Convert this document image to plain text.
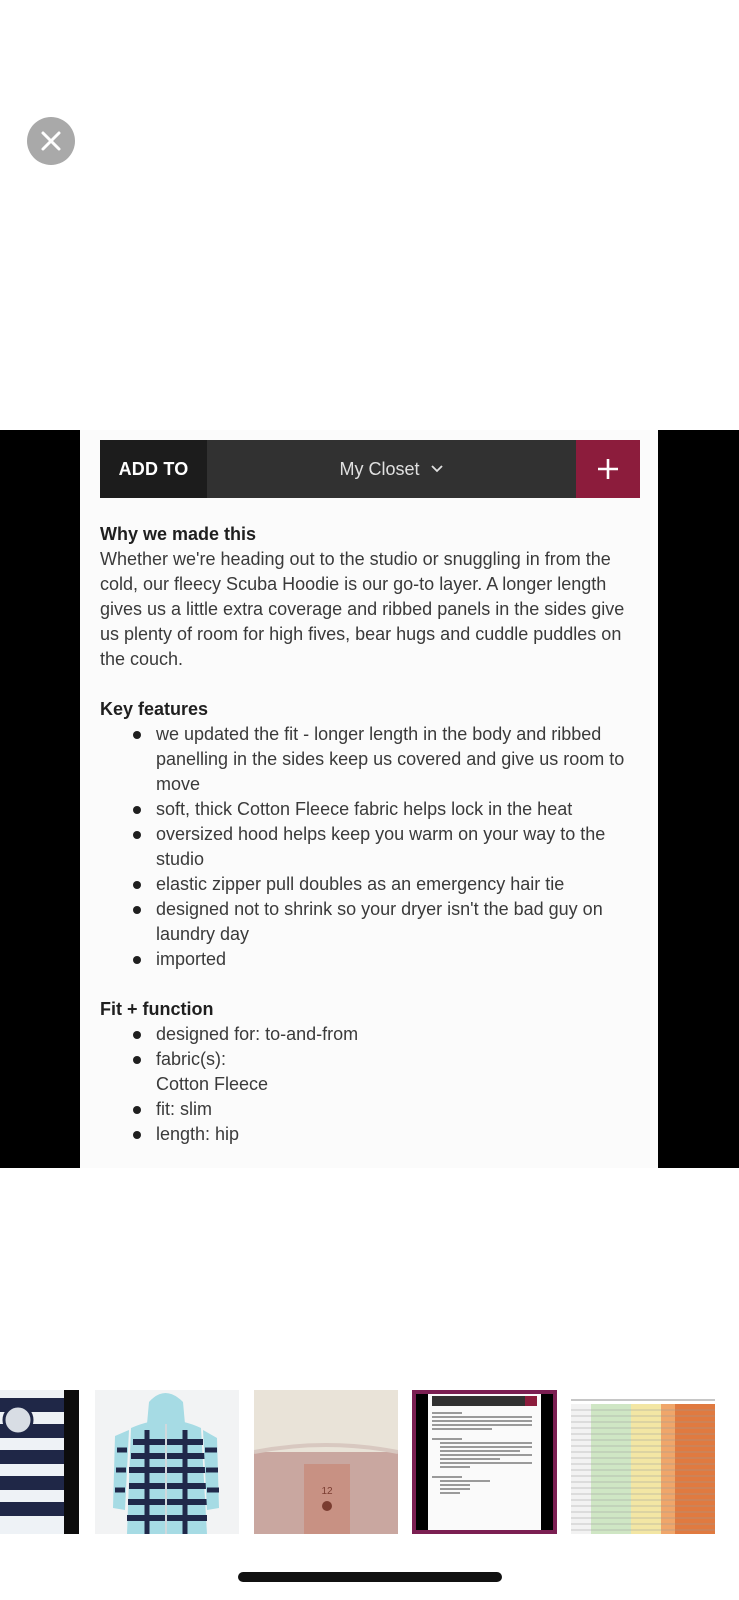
ADD TO	My Closet
Why we made this

Whether we're heading out to the studio or snuggling in from the cold, our fleecy Scuba Hoodie is our go-to layer. A longer length gives us a little extra coverage and ribbed panels in the sides give us plenty of room for high fives, bear hugs and cuddle puddles on the couch.

Key features
we updated the fit - longer length in the body and ribbed panelling in the sides keep us covered and give us room to move
soft, thick Cotton Fleece fabric helps lock in the heat
oversized hood helps keep you warm on your way to the studio
elastic zipper pull doubles as an emergency hair tie
designed not to shrink so your dryer isn't the bad guy on laundry day
imported
Fit + function
designed for: to-and-from
fabric(s):
Cotton Fleece
fit: slim
length: hip
12
